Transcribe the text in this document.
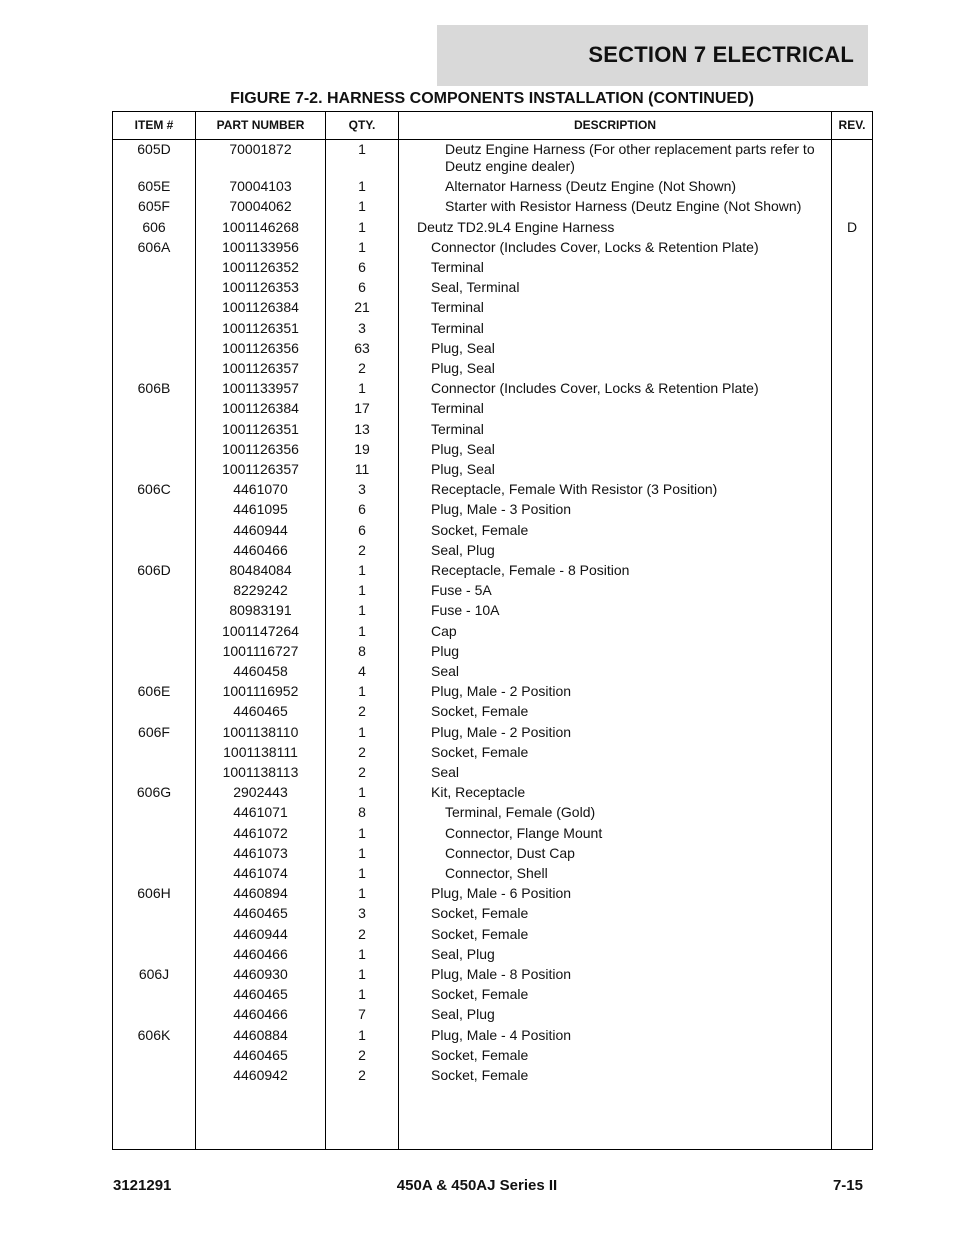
SECTION 7 ELECTRICAL
FIGURE 7-2. HARNESS COMPONENTS INSTALLATION (CONTINUED)
ITEM #	PART NUMBER	QTY.	DESCRIPTION	REV.
605D	70001872	1	Deutz Engine Harness (For other replacement parts refer to
Deutz engine dealer)
605E	70004103	1	Alternator Harness (Deutz Engine (Not Shown)
605F	70004062	1	Starter with Resistor Harness (Deutz Engine (Not Shown)
606	1001146268	1	Deutz TD2.9L4 Engine Harness	D
606A	1001133956	1	Connector (Includes Cover, Locks & Retention Plate)
1001126352	6	Terminal
1001126353	6	Seal, Terminal
1001126384	21	Terminal
1001126351	3	Terminal
1001126356	63	Plug, Seal
1001126357	2	Plug, Seal
606B	1001133957	1	Connector (Includes Cover, Locks & Retention Plate)
1001126384	17	Terminal
1001126351	13	Terminal
1001126356	19	Plug, Seal
1001126357	11	Plug, Seal
606C	4461070	3	Receptacle, Female With Resistor (3 Position)
4461095	6	Plug, Male - 3 Position
4460944	6	Socket, Female
4460466	2	Seal, Plug
606D	80484084	1	Receptacle, Female - 8 Position
8229242	1	Fuse - 5A
80983191	1	Fuse - 10A
1001147264	1	Cap
1001116727	8	Plug
4460458	4	Seal
606E	1001116952	1	Plug, Male - 2 Position
4460465	2	Socket, Female
606F	1001138110	1	Plug, Male - 2 Position
1001138111	2	Socket, Female
1001138113	2	Seal
606G	2902443	1	Kit, Receptacle
4461071	8	Terminal, Female (Gold)
4461072	1	Connector, Flange Mount
4461073	1	Connector, Dust Cap
4461074	1	Connector, Shell
606H	4460894	1	Plug, Male - 6 Position
4460465	3	Socket, Female
4460944	2	Socket, Female
4460466	1	Seal, Plug
606J	4460930	1	Plug, Male - 8 Position
4460465	1	Socket, Female
4460466	7	Seal, Plug
606K	4460884	1	Plug, Male - 4 Position
4460465	2	Socket, Female
4460942	2	Socket, Female
3121291	450A & 450AJ Series II	7-15
